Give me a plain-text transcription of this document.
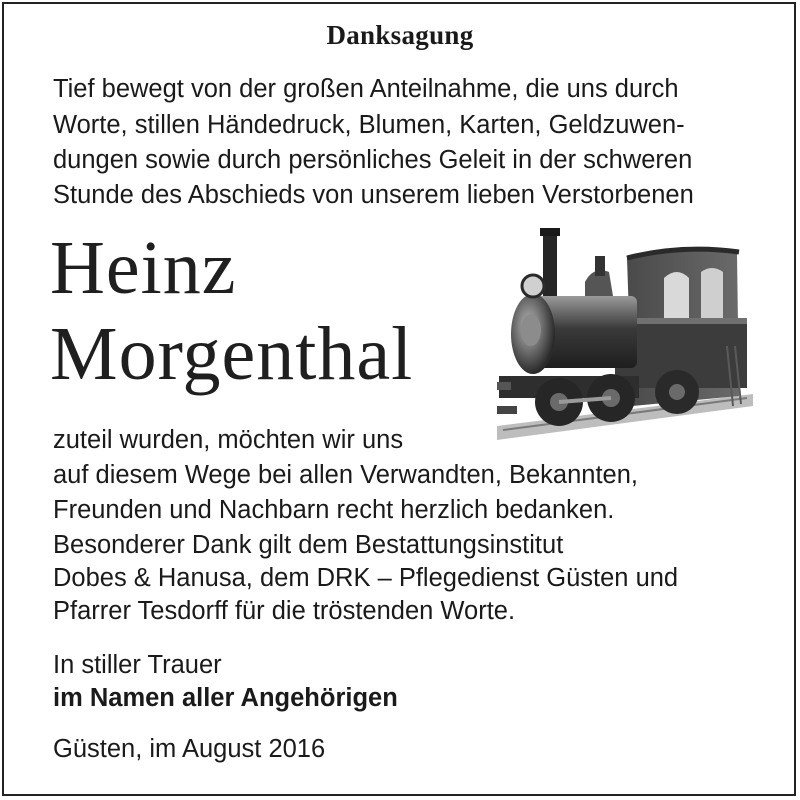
Danksagung
Tief bewegt von der großen Anteilnahme, die uns durch
Worte, stillen Händedruck, Blumen, Karten, Geldzuwen-
dungen sowie durch persönliches Geleit in der schweren
Stunde des Abschieds von unserem lieben Verstorbenen
Heinz
Morgenthal
zuteil wurden, möchten wir uns
auf diesem Wege bei allen Verwandten, Bekannten,
Freunden und Nachbarn recht herzlich bedanken.
Besonderer Dank gilt dem Bestattungsinstitut
Dobes & Hanusa, dem DRK – Pflegedienst Güsten und
Pfarrer Tesdorff für die tröstenden Worte.
In stiller Trauer
im Namen aller Angehörigen
Güsten, im August 2016
